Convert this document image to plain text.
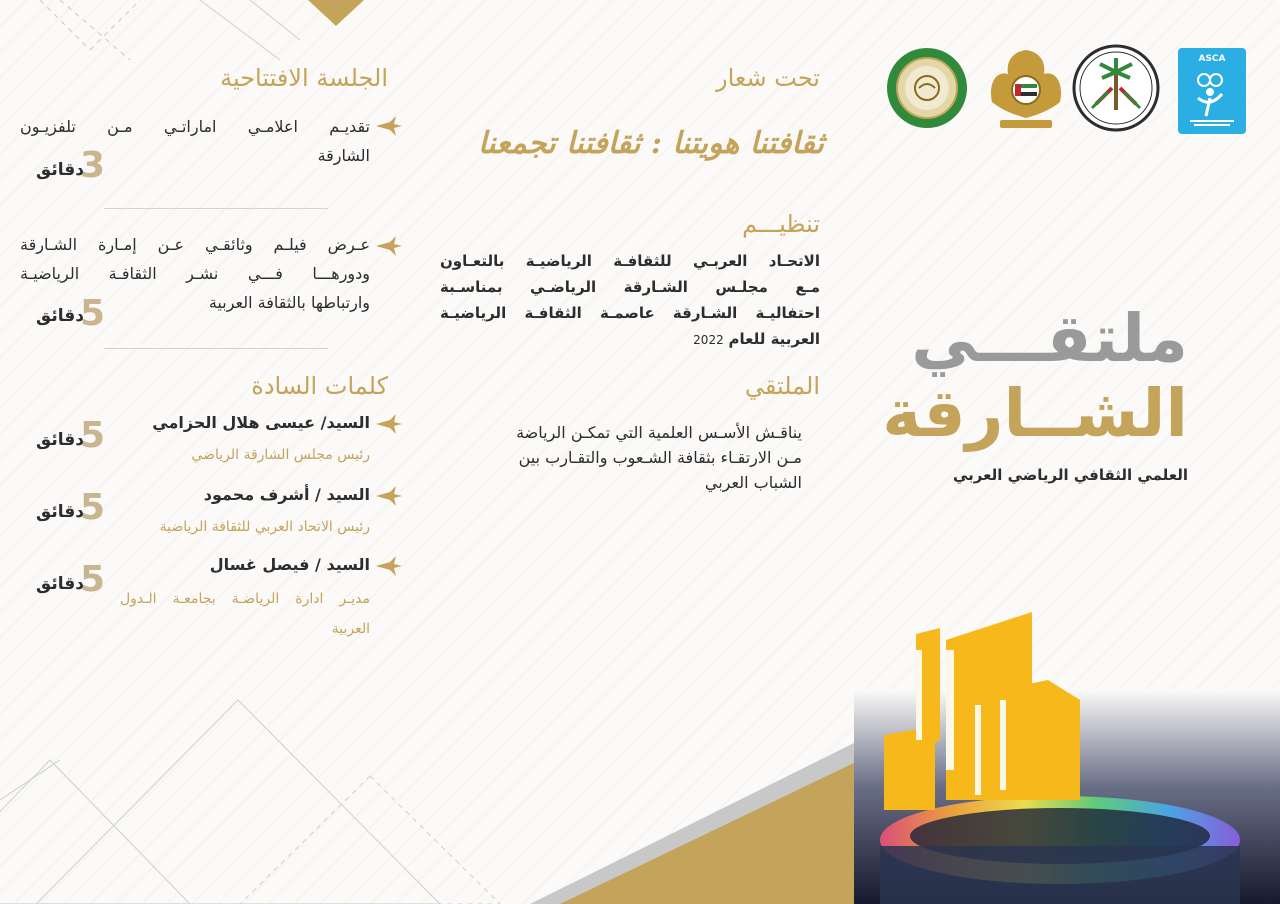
ASCA
تحت شعار
ثقافتنا هويتنا : ثقافتنا تجمعنا
تنظيـــم
الاتحـاد العربـي للثقافـة الرياضيـة بالتعـاون
مـع مجلـس الشـارقة الرياضـي بمناسـبة
احتفاليـة الشـارقة عاصمـة الثقافـة الرياضيـة
العربية للعام 2022
الملتقي
يناقـش الأسـس العلمية التي تمكـن الرياضة
مـن الارتقـاء بثقافة الشـعوب والتقـارب بين
الشباب العربي
الجلسة الافتتاحية
تقديـم اعلامـي اماراتـي مـن تلفزيـون
الشارقة
3
دقائق
عـرض فيلـم وثائقـي عـن إمـارة الشـارقة
ودورهـــا فـــي نشـر الثقافـة الرياضيـة
وارتباطها بالثقافة العربية
5
دقائق
كلمات السادة
السيد/ عيسى هلال الحزامي
رئيس مجلس الشارقة الرياضي
5
دقائق
السيد / أشرف محمود
رئيس الاتحاد العربي للثقافة الرياضية
5
دقائق
السيد / فيصل غسال
مديـر ادارة الرياضـة بجامعـة الـدول
العربية
5
دقائق
ملتقـــي
الشــارقة
العلمي الثقافي الرياضي العربي
